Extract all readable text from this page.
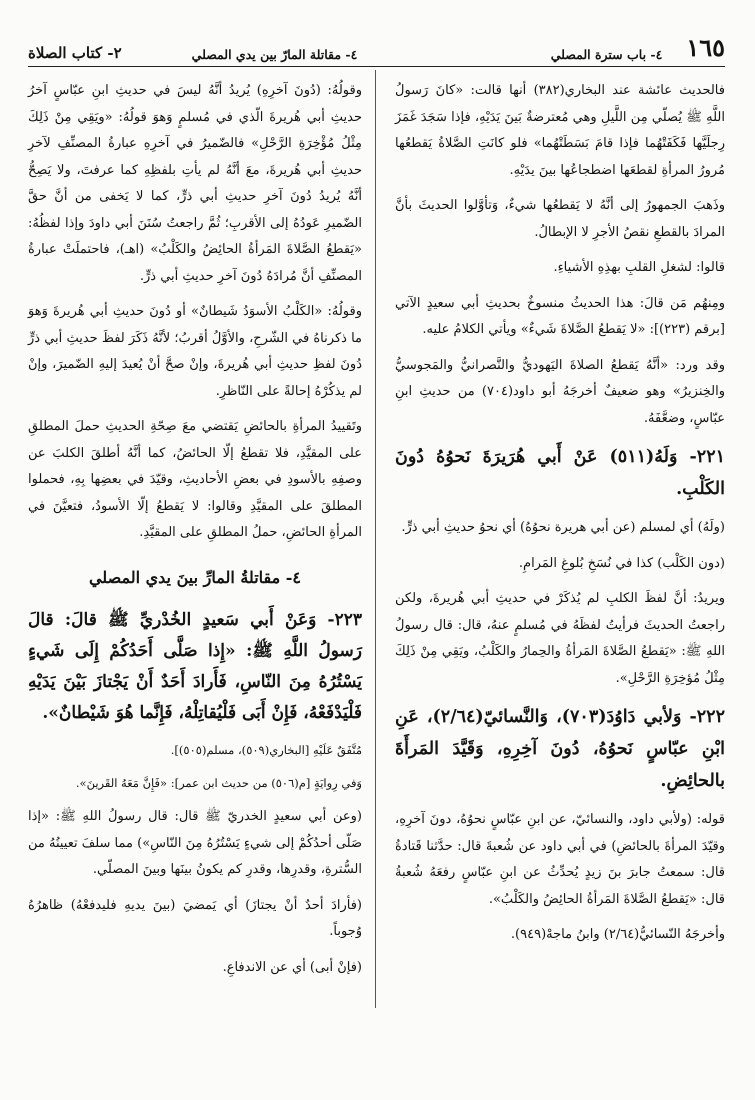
٢- كتاب الصلاة	٤- مقاتلة المارّ بين يدي المصلي	٤- باب سترة المصلي ١٦٥

فالحديث عائشة عند البخاري(٣٨٢) أنها قالت: «كانَ رَسولُ اللَّهِ ﷺ يُصلّي مِن اللَّيلِ وهي مُعترضةٌ بَينَ يَدَيْهِ، فإذا سَجَدَ غَمَزَ رِجلَيَّها فَكَفَتْهُما فإذا قامَ بَسَطَتْهُما» فلو كانَتِ الصَّلاةُ يَقطعُها مُرورُ المرأةِ لقطعَها اضطجاعُها بينَ يدَيْهِ.

وذَهبَ الجمهورُ إلى أنَّهُ لا يَقطعُها شيءٌ، وَتأوَّلوا الحديثَ بأنَّ المرادَ بالقطعِ نقصُ الأجرِ لا الإبطالُ.

قالوا: لشغلِ القلبِ بهذِهِ الأشياءِ.

ومِنهُم مَن قالَ: هذا الحديثُ منسوخٌ بحديثِ أبي سعيدٍ الآتي [برقم (٢٢٣)]: «لا يَقطعُ الصَّلاةَ شَيءٌ» ويأتي الكلامُ عليه.

وقد ورد: «أنَّهُ يَقطعُ الصلاةَ اليَهوديُّ والنَّصرانيُّ والمَجوسيُّ والخِنزيرُ» وهو ضعيفٌ أخرجَهُ أبو داود(٧٠٤) من حديثِ ابنِ عبّاسٍ، وضعَّفَهُ.

٢٢١- وَلَهُ(٥١١) عَنْ أَبي هُرَيرَةَ نَحوُهُ دُونَ الكَلْبِ.

(ولَهُ) أي لمسلم (عن أبي هريرة نحوُهُ) أي نحوُ حديثِ أبي ذرٍّ.

(دون الكَلْب) كذا في نُسَخِ بُلوغِ المَرامِ.

ويريدُ: أنَّ لفظَ الكلبِ لم يُذكَرْ في حديثِ أبي هُريرةَ، ولكن راجعتُ الحديثَ فرأيتُ لفظَهُ في مُسلمٍ عنهُ، قال: قال رسولُ اللهِ ﷺ: «يَقطعُ الصَّلاةَ المَرأةُ والحِمارُ والكَلْبُ، ويَقِي مِنْ ذَلِكَ مِثْلُ مُؤخِرَةِ الرَّحْلِ».

٢٢٢- وَلأبي دَاوُدَ(٧٠٣)، وَالنَّسائيّ(٢/٦٤)، عَنِ ابْنِ عبّاسٍ نَحوُهُ، دُونَ آخِرِهِ، وَقَيَّدَ المَرأَةَ بالحائِضِ.

قوله: (ولأبي داود، والنسائيّ، عن ابنِ عبّاسٍ نحوُهُ، دونَ آخرِهِ، وقيّدَ المرأةَ بالحائضِ) في أبي داود عن شُعبةَ قال: حدَّثنا قَتادةُ قال: سمعتُ جابرَ بنَ زيدٍ يُحدِّثُ عن ابنِ عبّاسٍ رفعَهُ شُعبةُ قال: «يَقطعُ الصَّلاةَ المَرأةُ الحائِضُ والكَلْبُ».

وأخرجَهُ النّسائيُّ(٢/٦٤) وابنُ ماجهْ(٩٤٩).

وقولُهُ: (دُونَ آخرِهِ) يُريدُ أنَّهُ ليسَ في حديثِ ابنِ عبّاسٍ آخرُ حديثِ أبي هُريرةَ الّذي في مُسلمٍ وَهوَ قولُهُ: «ويَقِي مِنْ ذَلِكَ مِثْلُ مُؤْخِرَةِ الرَّحْلِ» فالضّميرُ في آخرِهِ عبارةُ المصنِّفِ لآخرِ حديثِ أبي هُريرةَ، معَ أنَّهُ لم يأتِ بلفظِهِ كما عرفتَ، ولا يَصِحُّ أنَّهُ يُريدُ دُونَ آخرِ حديثِ أبي ذرٍّ، كما لا يَخفى من أنَّ حقَّ الضّميرِ عَودُهُ إلى الأقربِ؛ ثُمَّ راجعتُ سُنَنَ أبي داودَ وإذا لفظُهُ: «يَقطعُ الصَّلاةَ المَرأةُ الحائِضُ والكَلْبُ» (اهـ)، فاحتملَتْ عبارةُ المصنِّفِ أنَّ مُرادَهُ دُونَ آخرِ حديثِ أبي ذرٍّ.

وقولُهُ: «الكَلْبُ الأسوَدُ شَيطانٌ» أو دُونَ حديثِ أبي هُريرةَ وَهوَ ما ذكرناهُ في الشّرحِ، والأوَّلُ أقربُ؛ لأنَّهُ ذَكَرَ لفظَ حديثِ أبي ذرٍّ دُونَ لفظِ حديثِ أبي هُريرةَ، وإنْ صحَّ أنْ يُعيدَ إليهِ الضّميرَ، وإنْ لم يذكُرْهُ إحالةً على النّاظرِ.

وتَقييدُ المرأةِ بالحائضِ يَقتضي معَ صِحّةِ الحديثِ حملَ المطلقِ على المقيَّدِ، فلا تقطعُ إلّا الحائضُ، كما أنَّهُ أطلقَ الكلبَ عن وصفِهِ بالأسودِ في بعضِ الأحاديثِ، وقيّدَ في بعضِها بِهِ، فحملوا المطلقَ على المقيَّدِ وقالوا: لا يَقطعُ إلّا الأسودُ، فتعيَّنَ في المرأةِ الحائضِ، حملُ المطلقِ على المقيَّدِ.

٤- مقاتلةُ المارِّ بينَ يدي المصلي

٢٢٣- وَعَنْ أَبي سَعيدٍ الخُدْريِّ ﷺ قالَ: قالَ رَسولُ اللَّهِ ﷺ: «إِذا صَلَّى أَحَدُكُمْ إِلَى شَيءٍ يَسْتُرُهُ مِنَ النّاسِ، فَأَرادَ أَحَدٌ أَنْ يَجْتازَ بَيْنَ يَدَيْهِ فَلْيَدْفَعْهُ، فَإِنْ أَبَى فَلْيُقاتِلْهُ، فَإِنَّما هُوَ شَيْطانٌ».

مُتَّفَقٌ عَلَيْهِ [البخاري(٥٠٩)، مسلم(٥٠٥)].

وَفي رِوايَةٍ [م(٥٠٦) من حديث ابن عمر]: «فَإِنَّ مَعَهُ القَرينَ».

(وعن أبي سعيدٍ الخدريّ ﷺ قال: قال رسولُ اللهِ ﷺ: «إذا صَلّى أحدُكُمْ إلى شيءٍ يَسْتُرُهُ مِنَ النّاسِ») مما سلفَ تعيينُهُ من السُّترةِ، وقدرِها، وقدرِ كم يكونُ بينَها وبينَ المصلّي.

(فأرادَ أحدٌ أنْ يجتازَ) أي يَمضيَ (بينَ يديهِ فليدفعْهُ) ظاهرُهُ وُجوباً.

(فإنْ أبى) أي عن الاندفاعِ.
